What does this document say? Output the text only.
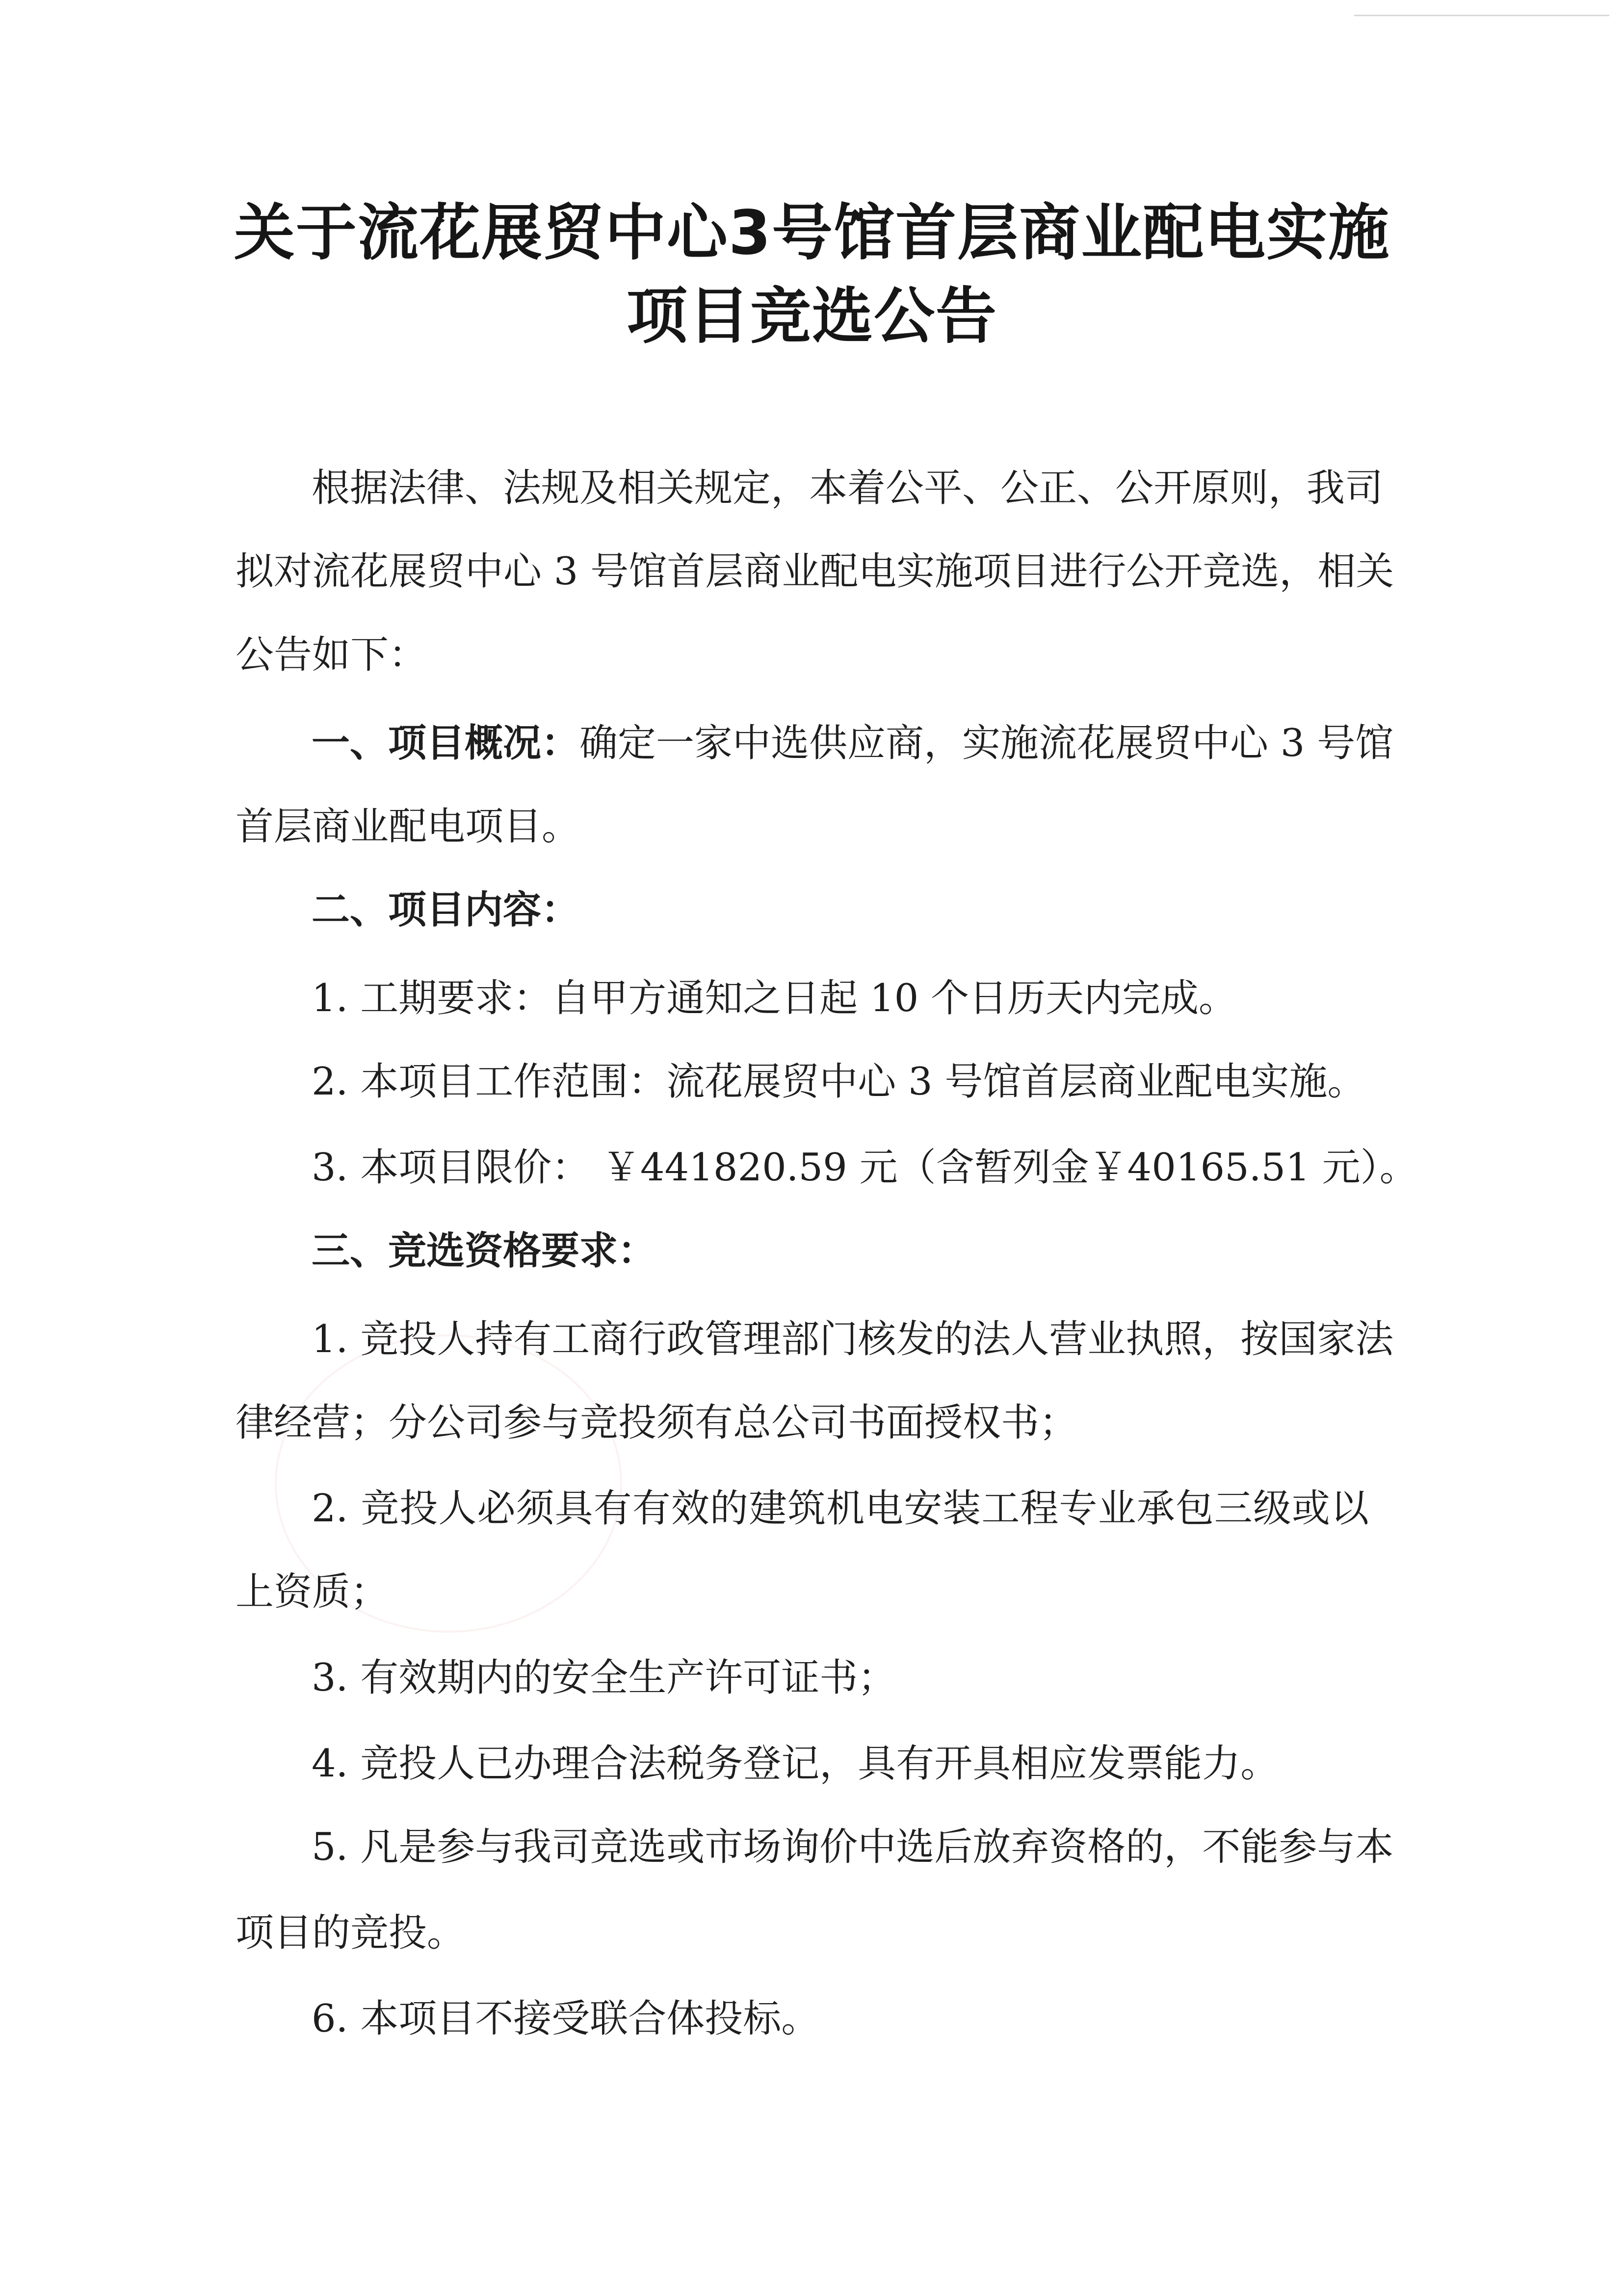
关于流花展贸中心3号馆首层商业配电实施
项目竞选公告
根据法律、法规及相关规定，本着公平、公正、公开原则，我司
拟对流花展贸中心 3 号馆首层商业配电实施项目进行公开竞选，相关
公告如下：
一、项目概况：确定一家中选供应商，实施流花展贸中心 3 号馆
首层商业配电项目。
二、项目内容：
1. 工期要求：自甲方通知之日起 10 个日历天内完成。
2. 本项目工作范围：流花展贸中心 3 号馆首层商业配电实施。
3. 本项目限价： ￥441820.59 元（含暂列金￥40165.51 元）。
三、竞选资格要求：
1. 竞投人持有工商行政管理部门核发的法人营业执照，按国家法
律经营；分公司参与竞投须有总公司书面授权书；
2. 竞投人必须具有有效的建筑机电安装工程专业承包三级或以
上资质；
3. 有效期内的安全生产许可证书；
4. 竞投人已办理合法税务登记，具有开具相应发票能力。
5. 凡是参与我司竞选或市场询价中选后放弃资格的，不能参与本
项目的竞投。
6. 本项目不接受联合体投标。
